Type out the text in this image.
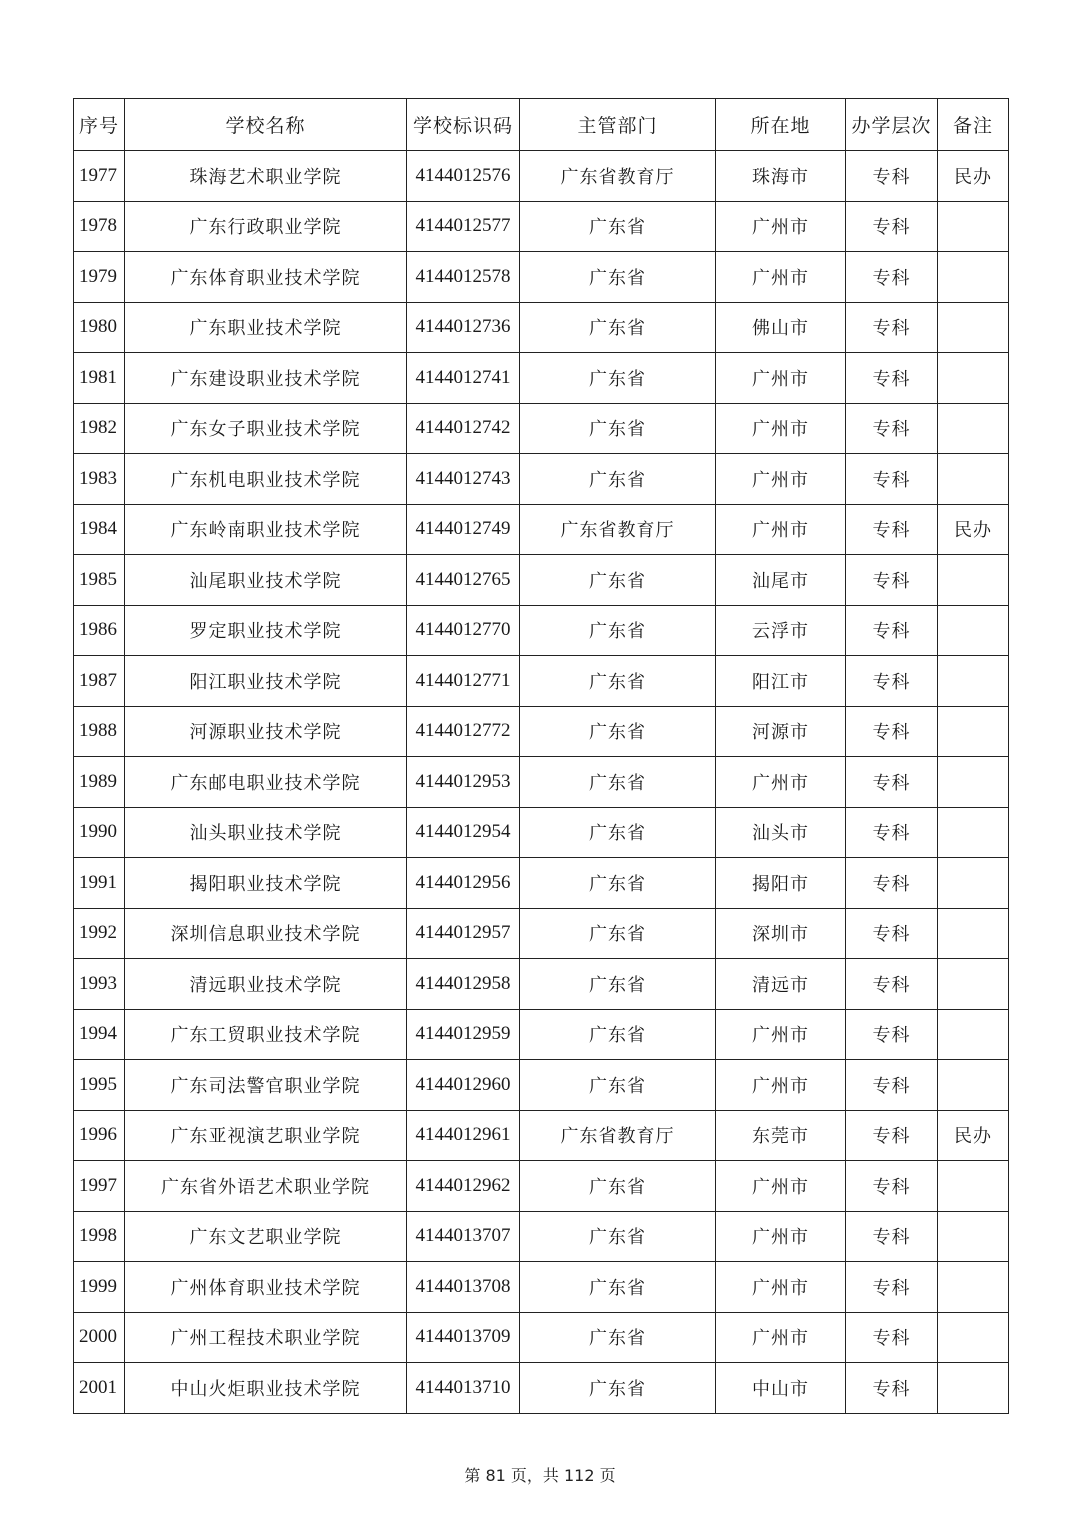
序号	学校名称	学校标识码	主管部门	所在地	办学层次	备注
1977	珠海艺术职业学院	4144012576	广东省教育厅	珠海市	专科	民办
1978	广东行政职业学院	4144012577	广东省	广州市	专科	
1979	广东体育职业技术学院	4144012578	广东省	广州市	专科	
1980	广东职业技术学院	4144012736	广东省	佛山市	专科	
1981	广东建设职业技术学院	4144012741	广东省	广州市	专科	
1982	广东女子职业技术学院	4144012742	广东省	广州市	专科	
1983	广东机电职业技术学院	4144012743	广东省	广州市	专科	
1984	广东岭南职业技术学院	4144012749	广东省教育厅	广州市	专科	民办
1985	汕尾职业技术学院	4144012765	广东省	汕尾市	专科	
1986	罗定职业技术学院	4144012770	广东省	云浮市	专科	
1987	阳江职业技术学院	4144012771	广东省	阳江市	专科	
1988	河源职业技术学院	4144012772	广东省	河源市	专科	
1989	广东邮电职业技术学院	4144012953	广东省	广州市	专科	
1990	汕头职业技术学院	4144012954	广东省	汕头市	专科	
1991	揭阳职业技术学院	4144012956	广东省	揭阳市	专科	
1992	深圳信息职业技术学院	4144012957	广东省	深圳市	专科	
1993	清远职业技术学院	4144012958	广东省	清远市	专科	
1994	广东工贸职业技术学院	4144012959	广东省	广州市	专科	
1995	广东司法警官职业学院	4144012960	广东省	广州市	专科	
1996	广东亚视演艺职业学院	4144012961	广东省教育厅	东莞市	专科	民办
1997	广东省外语艺术职业学院	4144012962	广东省	广州市	专科	
1998	广东文艺职业学院	4144013707	广东省	广州市	专科	
1999	广州体育职业技术学院	4144013708	广东省	广州市	专科	
2000	广州工程技术职业学院	4144013709	广东省	广州市	专科	
2001	中山火炬职业技术学院	4144013710	广东省	中山市	专科	
第 81 页，共 112 页
